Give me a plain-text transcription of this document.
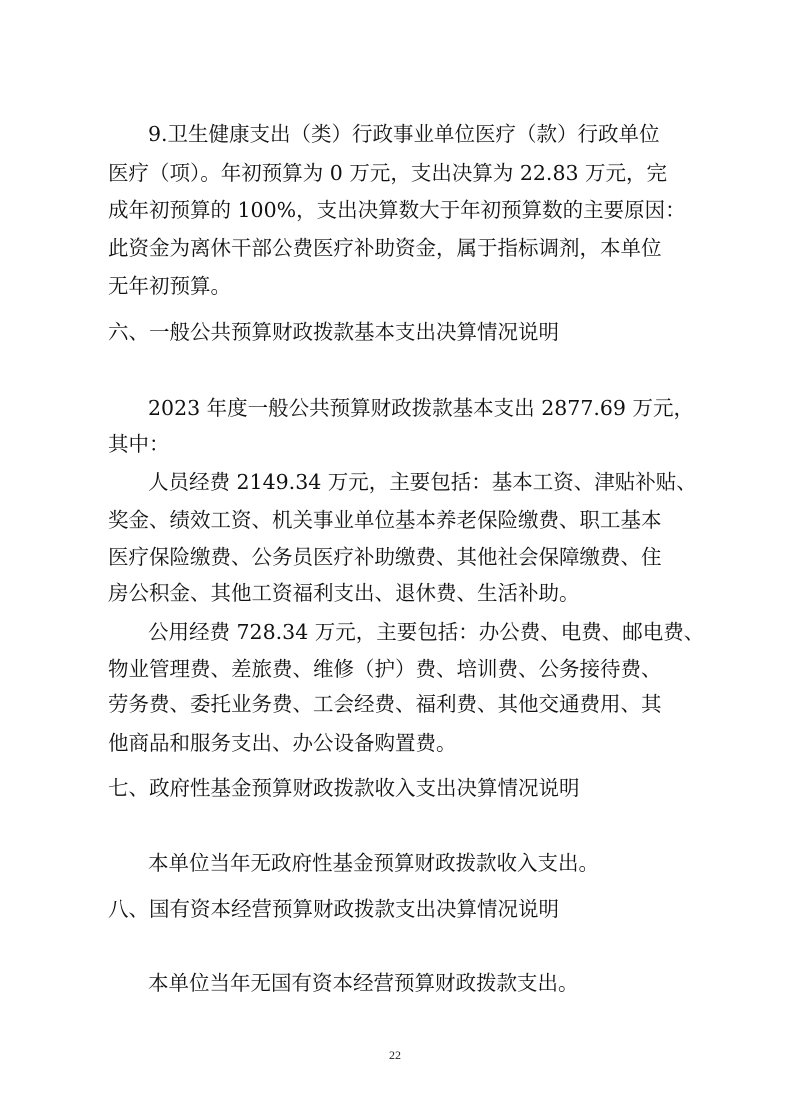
9.卫生健康支出（类）行政事业单位医疗（款）行政单位

医疗（项）。年初预算为 0 万元，支出决算为 22.83 万元，完

成年初预算的 100%，支出决算数大于年初预算数的主要原因：

此资金为离休干部公费医疗补助资金，属于指标调剂，本单位

无年初预算。

六、一般公共预算财政拨款基本支出决算情况说明

2023 年度一般公共预算财政拨款基本支出 2877.69 万元，

其中：

人员经费 2149.34 万元，主要包括：基本工资、津贴补贴、

奖金、绩效工资、机关事业单位基本养老保险缴费、职工基本

医疗保险缴费、公务员医疗补助缴费、其他社会保障缴费、住

房公积金、其他工资福利支出、退休费、生活补助。

公用经费 728.34 万元，主要包括：办公费、电费、邮电费、

物业管理费、差旅费、维修（护）费、培训费、公务接待费、

劳务费、委托业务费、工会经费、福利费、其他交通费用、其

他商品和服务支出、办公设备购置费。

七、政府性基金预算财政拨款收入支出决算情况说明

本单位当年无政府性基金预算财政拨款收入支出。

八、国有资本经营预算财政拨款支出决算情况说明

本单位当年无国有资本经营预算财政拨款支出。

22
